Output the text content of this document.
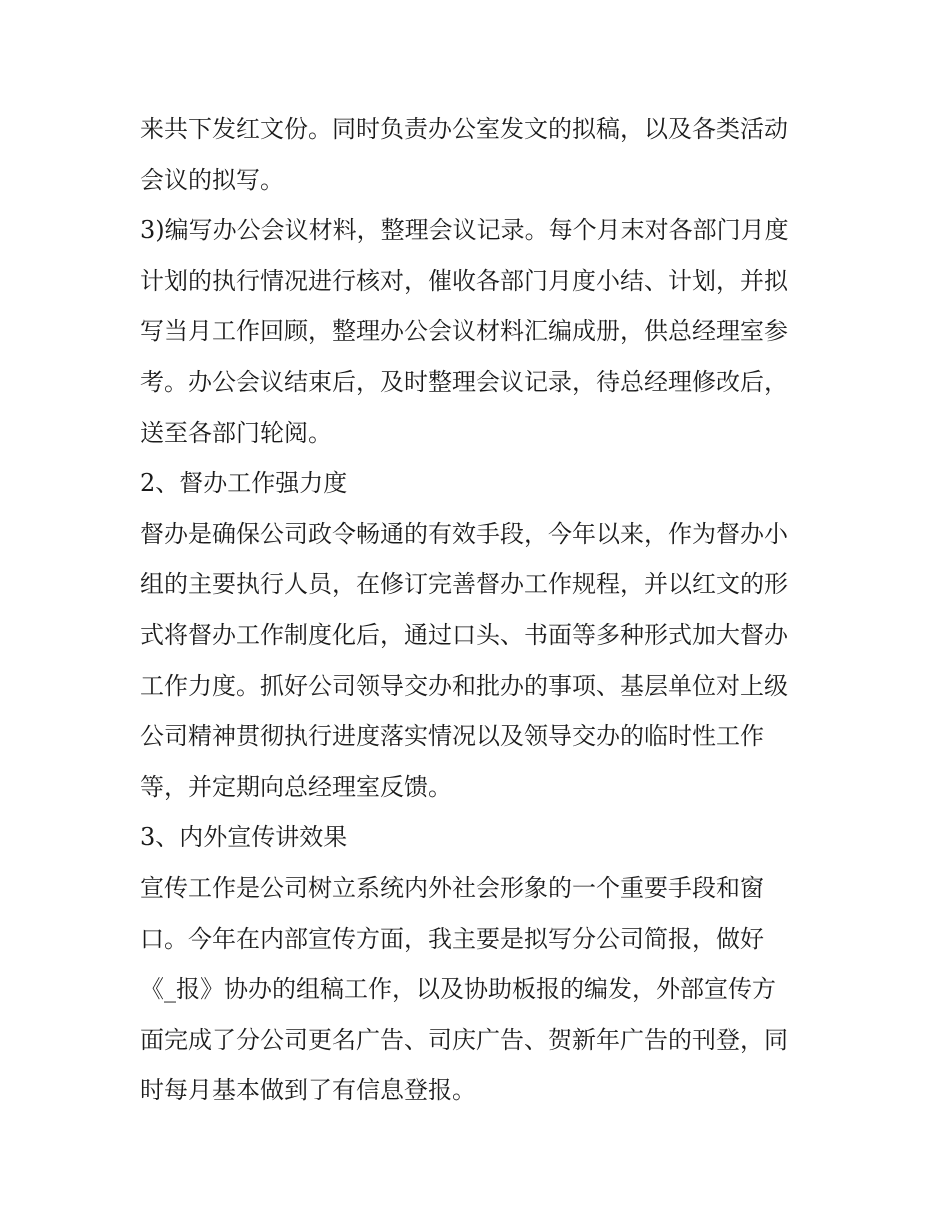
来共下发红文份。同时负责办公室发文的拟稿，以及各类活动

会议的拟写。

3)编写办公会议材料，整理会议记录。每个月末对各部门月度

计划的执行情况进行核对，催收各部门月度小结、计划，并拟

写当月工作回顾，整理办公会议材料汇编成册，供总经理室参

考。办公会议结束后，及时整理会议记录，待总经理修改后，

送至各部门轮阅。

2、督办工作强力度

督办是确保公司政令畅通的有效手段，今年以来，作为督办小

组的主要执行人员，在修订完善督办工作规程，并以红文的形

式将督办工作制度化后，通过口头、书面等多种形式加大督办

工作力度。抓好公司领导交办和批办的事项、基层单位对上级

公司精神贯彻执行进度落实情况以及领导交办的临时性工作

等，并定期向总经理室反馈。

3、内外宣传讲效果

宣传工作是公司树立系统内外社会形象的一个重要手段和窗

口。今年在内部宣传方面，我主要是拟写分公司简报，做好

《_报》协办的组稿工作，以及协助板报的编发，外部宣传方

面完成了分公司更名广告、司庆广告、贺新年广告的刊登，同

时每月基本做到了有信息登报。
